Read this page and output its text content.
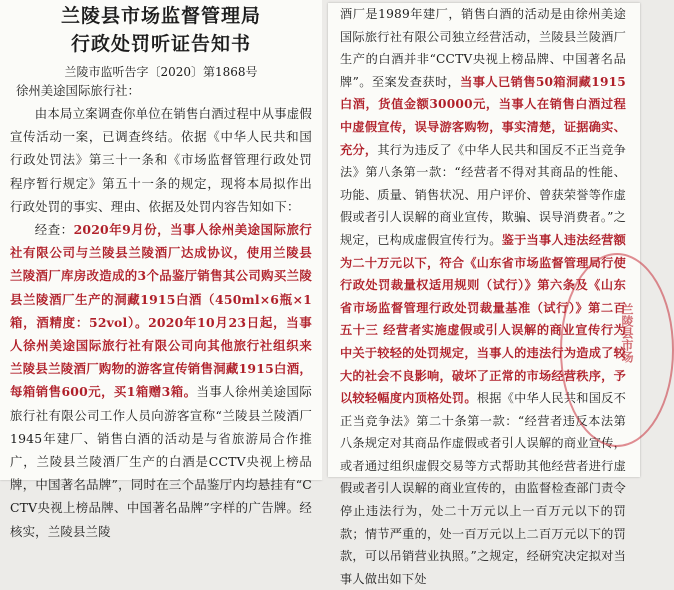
兰陵县市场监督管理局
行政处罚听证告知书
兰陵市监听告字〔2020〕第1868号
徐州美途国际旅行社：

由本局立案调查你单位在销售白酒过程中从事虚假宣传活动一案，已调查终结。依据《中华人民共和国行政处罚法》第三十一条和《市场监督管理行政处罚程序暂行规定》第五十一条的规定，现将本局拟作出行政处罚的事实、理由、依据及处罚内容告知如下：

经查：2020年9月份，当事人徐州美途国际旅行社有限公司与兰陵县兰陵酒厂达成协议，使用兰陵县兰陵酒厂库房改造成的3个品鉴厅销售其公司购买兰陵县兰陵酒厂生产的洞藏1915白酒（450ml×6瓶×1箱，酒精度：52vol）。2020年10月23日起，当事人徐州美途国际旅行社有限公司向其他旅行社组织来兰陵县兰陵酒厂购物的游客宣传销售洞藏1915白酒，每箱销售600元，买1箱赠3箱。当事人徐州美途国际旅行社有限公司工作人员向游客宣称“兰陵县兰陵酒厂1945年建厂、销售白酒的活动是与省旅游局合作推广，兰陵县兰陵酒厂生产的白酒是CCTV央视上榜品牌，中国著名品牌”，同时在三个品鉴厅内均悬挂有“CCTV央视上榜品牌、中国著名品牌”字样的广告牌。经核实，兰陵县兰陵

酒厂是1989年建厂，销售白酒的活动是由徐州美途国际旅行社有限公司独立经营活动，兰陵县兰陵酒厂生产的白酒并非“CCTV央视上榜品牌、中国著名品牌”。至案发查获时，当事人已销售50箱洞藏1915白酒，货值金额30000元，当事人在销售白酒过程中虚假宣传，误导游客购物，事实清楚，证据确实、充分，其行为违反了《中华人民共和国反不正当竞争法》第八条第一款：“经营者不得对其商品的性能、功能、质量、销售状况、用户评价、曾获荣誉等作虚假或者引人误解的商业宣传，欺骗、误导消费者。”之规定，已构成虚假宣传行为。鉴于当事人违法经营额为二十万元以下，符合《山东省市场监督管理局行使行政处罚裁量权适用规则（试行）》第六条及《山东省市场监督管理行政处罚裁量基准（试行）》第二百五十三 经营者实施虚假或引人误解的商业宣传行为中关于较轻的处罚规定，当事人的违法行为造成了较大的社会不良影响，破坏了正常的市场经营秩序，予以较轻幅度内顶格处罚。根据《中华人民共和国反不正当竞争法》第二十条第一款：“经营者违反本法第八条规定对其商品作虚假或者引人误解的商业宣传，或者通过组织虚假交易等方式帮助其他经营者进行虚假或者引人误解的商业宣传的，由监督检查部门责令停止违法行为，处二十万元以上一百万元以下的罚款；情节严重的，处一百万元以上二百万元以下的罚款，可以吊销营业执照。”之规定，经研究决定拟对当事人做出如下处

兰陵县市场
